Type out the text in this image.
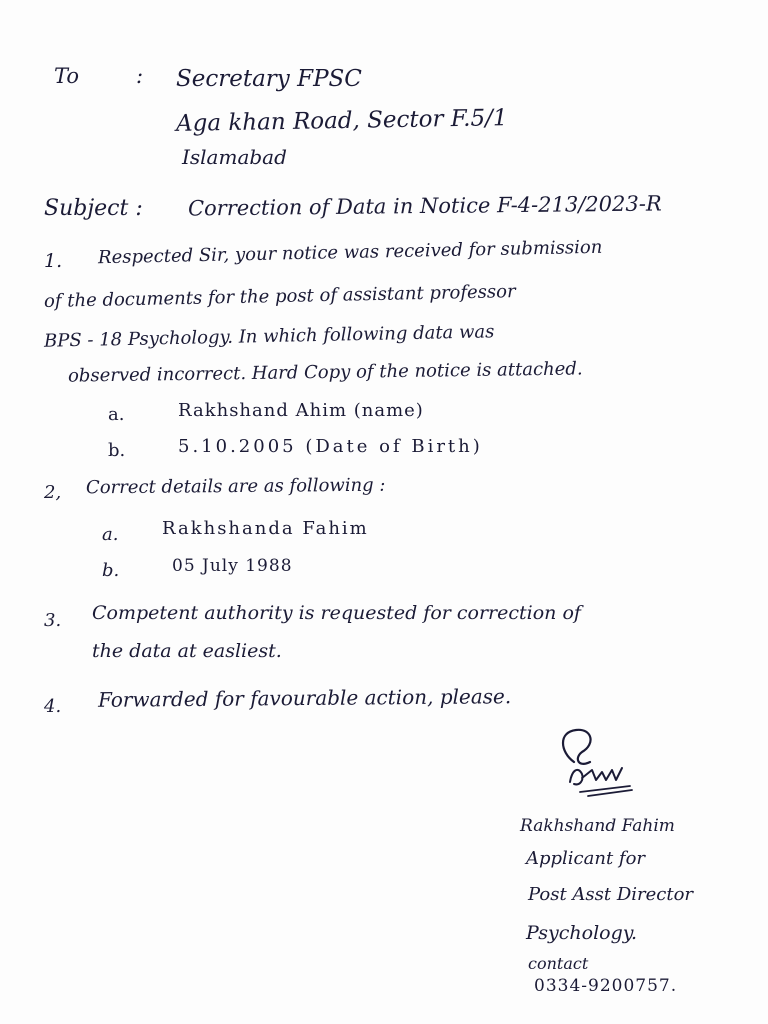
To	: Secretary FPSC
Aga khan Road, Sector F.5/1
Islamabad
Subject : Correction of Data in Notice F-4-213/2023-R
1. Respected Sir, your notice was received for submission
of the documents for the post of assistant professor
BPS - 18 Psychology. In which following data was
observed incorrect. Hard Copy of the notice is attached.
a.	Rakhshand Ahim (name)
b.	5.10.2005 (Date of Birth)
2, Correct details are as following :
a. Rakhshanda Fahim
b.	05 July 1988
3. Competent authority is requested for correction of
the data at easliest.
4. Forwarded for favourable action, please.
Rakhshand Fahim
Applicant for
Post Asst Director
Psychology.
contact
0334-9200757.
